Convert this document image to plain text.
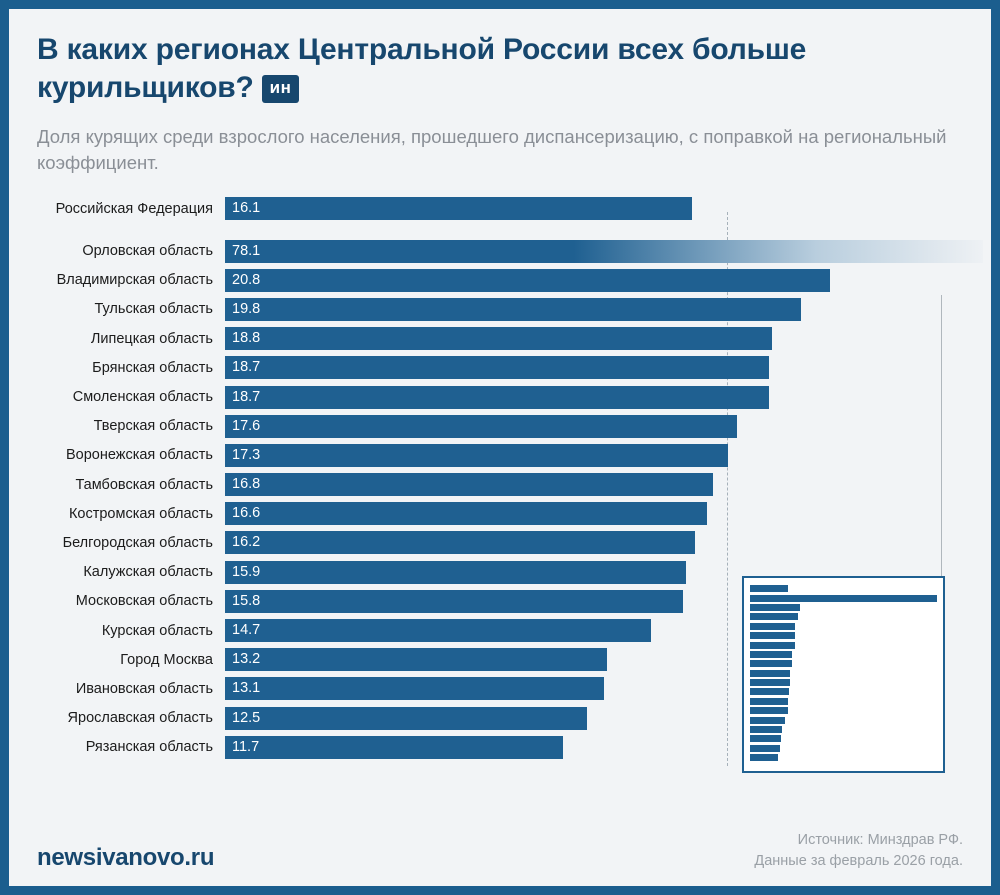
В каких регионах Центральной России всех больше курильщиков? ин
Доля курящих среди взрослого населения, прошедшего диспансеризацию, с поправкой на региональный коэффициент.
Российская Федерация	16.1
Орловская область	78.1
Владимирская область	20.8
Тульская область	19.8
Липецкая область	18.8
Брянская область	18.7
Смоленская область	18.7
Тверская область	17.6
Воронежская область	17.3
Тамбовская область	16.8
Костромская область	16.6
Белгородская область	16.2
Калужская область	15.9
Московская область	15.8
Курская область	14.7
Город Москва	13.2
Ивановская область	13.1
Ярославская область	12.5
Рязанская область	11.7
newsivanovo.ru
Источник: Минздрав РФ.
Данные за февраль 2026 года.
